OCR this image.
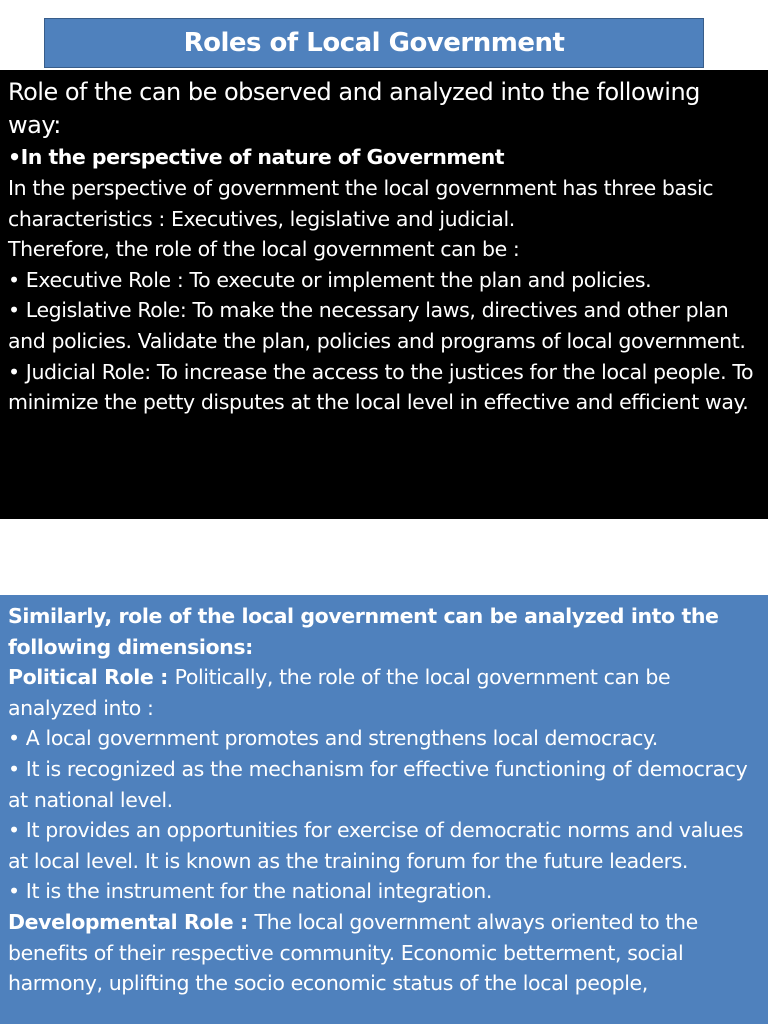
Roles of Local Government
Role of the can be observed and analyzed into the following way:
•In the perspective of nature of Government
In the perspective of government the local government has three basic characteristics : Executives, legislative and judicial.
Therefore, the role of the local government can be :
• Executive Role : To execute or implement the plan and policies.
• Legislative Role: To make the necessary laws, directives and other plan and policies. Validate the plan, policies and programs of local government.
• Judicial Role: To increase the access to the justices for the local people. To minimize the petty disputes at the local level in effective and efficient way.
Similarly, role of the local government can be analyzed into the following dimensions:
Political Role : Politically, the role of the local government can be analyzed into :
• A local government promotes and strengthens local democracy.
• It is recognized as the mechanism for effective functioning of democracy at national level.
• It provides an opportunities for exercise of democratic norms and values at local level. It is known as the training forum for the future leaders.
• It is the instrument for the national integration.
Developmental Role : The local government always oriented to the benefits of their respective community. Economic betterment, social harmony, uplifting the socio economic status of the local people,
